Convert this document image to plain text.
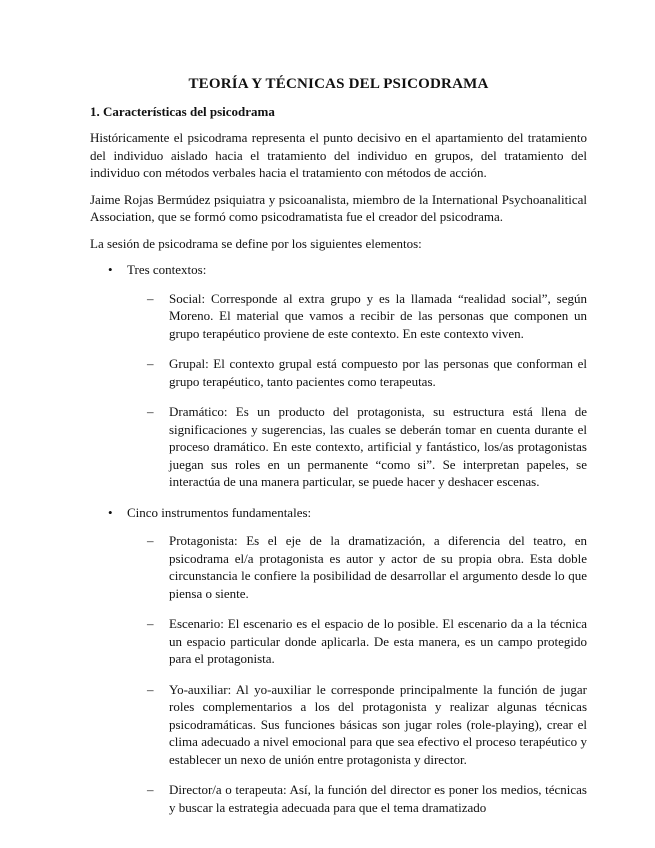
TEORÍA Y TÉCNICAS DEL PSICODRAMA
1. Características del psicodrama

Históricamente el psicodrama representa el punto decisivo en el apartamiento del tratamiento del individuo aislado hacia el tratamiento del individuo en grupos, del tratamiento del individuo con métodos verbales hacia el tratamiento con métodos de acción.

Jaime Rojas Bermúdez psiquiatra y psicoanalista, miembro de la International Psychoanalitical Association, que se formó como psicodramatista fue el creador del psicodrama.

La sesión de psicodrama se define por los siguientes elementos:

• Tres contextos:
– Social: Corresponde al extra grupo y es la llamada “realidad social”, según Moreno. El material que vamos a recibir de las personas que componen un grupo terapéutico proviene de este contexto. En este contexto viven.
– Grupal: El contexto grupal está compuesto por las personas que conforman el grupo terapéutico, tanto pacientes como terapeutas.
– Dramático: Es un producto del protagonista, su estructura está llena de significaciones y sugerencias, las cuales se deberán tomar en cuenta durante el proceso dramático. En este contexto, artificial y fantástico, los/as protagonistas juegan sus roles en un permanente “como si”. Se interpretan papeles, se interactúa de una manera particular, se puede hacer y deshacer escenas.
• Cinco instrumentos fundamentales:
– Protagonista: Es el eje de la dramatización, a diferencia del teatro, en psicodrama el/a protagonista es autor y actor de su propia obra. Esta doble circunstancia le confiere la posibilidad de desarrollar el argumento desde lo que piensa o siente.
– Escenario: El escenario es el espacio de lo posible. El escenario da a la técnica un espacio particular donde aplicarla. De esta manera, es un campo protegido para el protagonista.
– Yo-auxiliar: Al yo-auxiliar le corresponde principalmente la función de jugar roles complementarios a los del protagonista y realizar algunas técnicas psicodramáticas. Sus funciones básicas son jugar roles (role-playing), crear el clima adecuado a nivel emocional para que sea efectivo el proceso terapéutico y establecer un nexo de unión entre protagonista y director.
– Director/a o terapeuta: Así, la función del director es poner los medios, técnicas y buscar la estrategia adecuada para que el tema dramatizado
